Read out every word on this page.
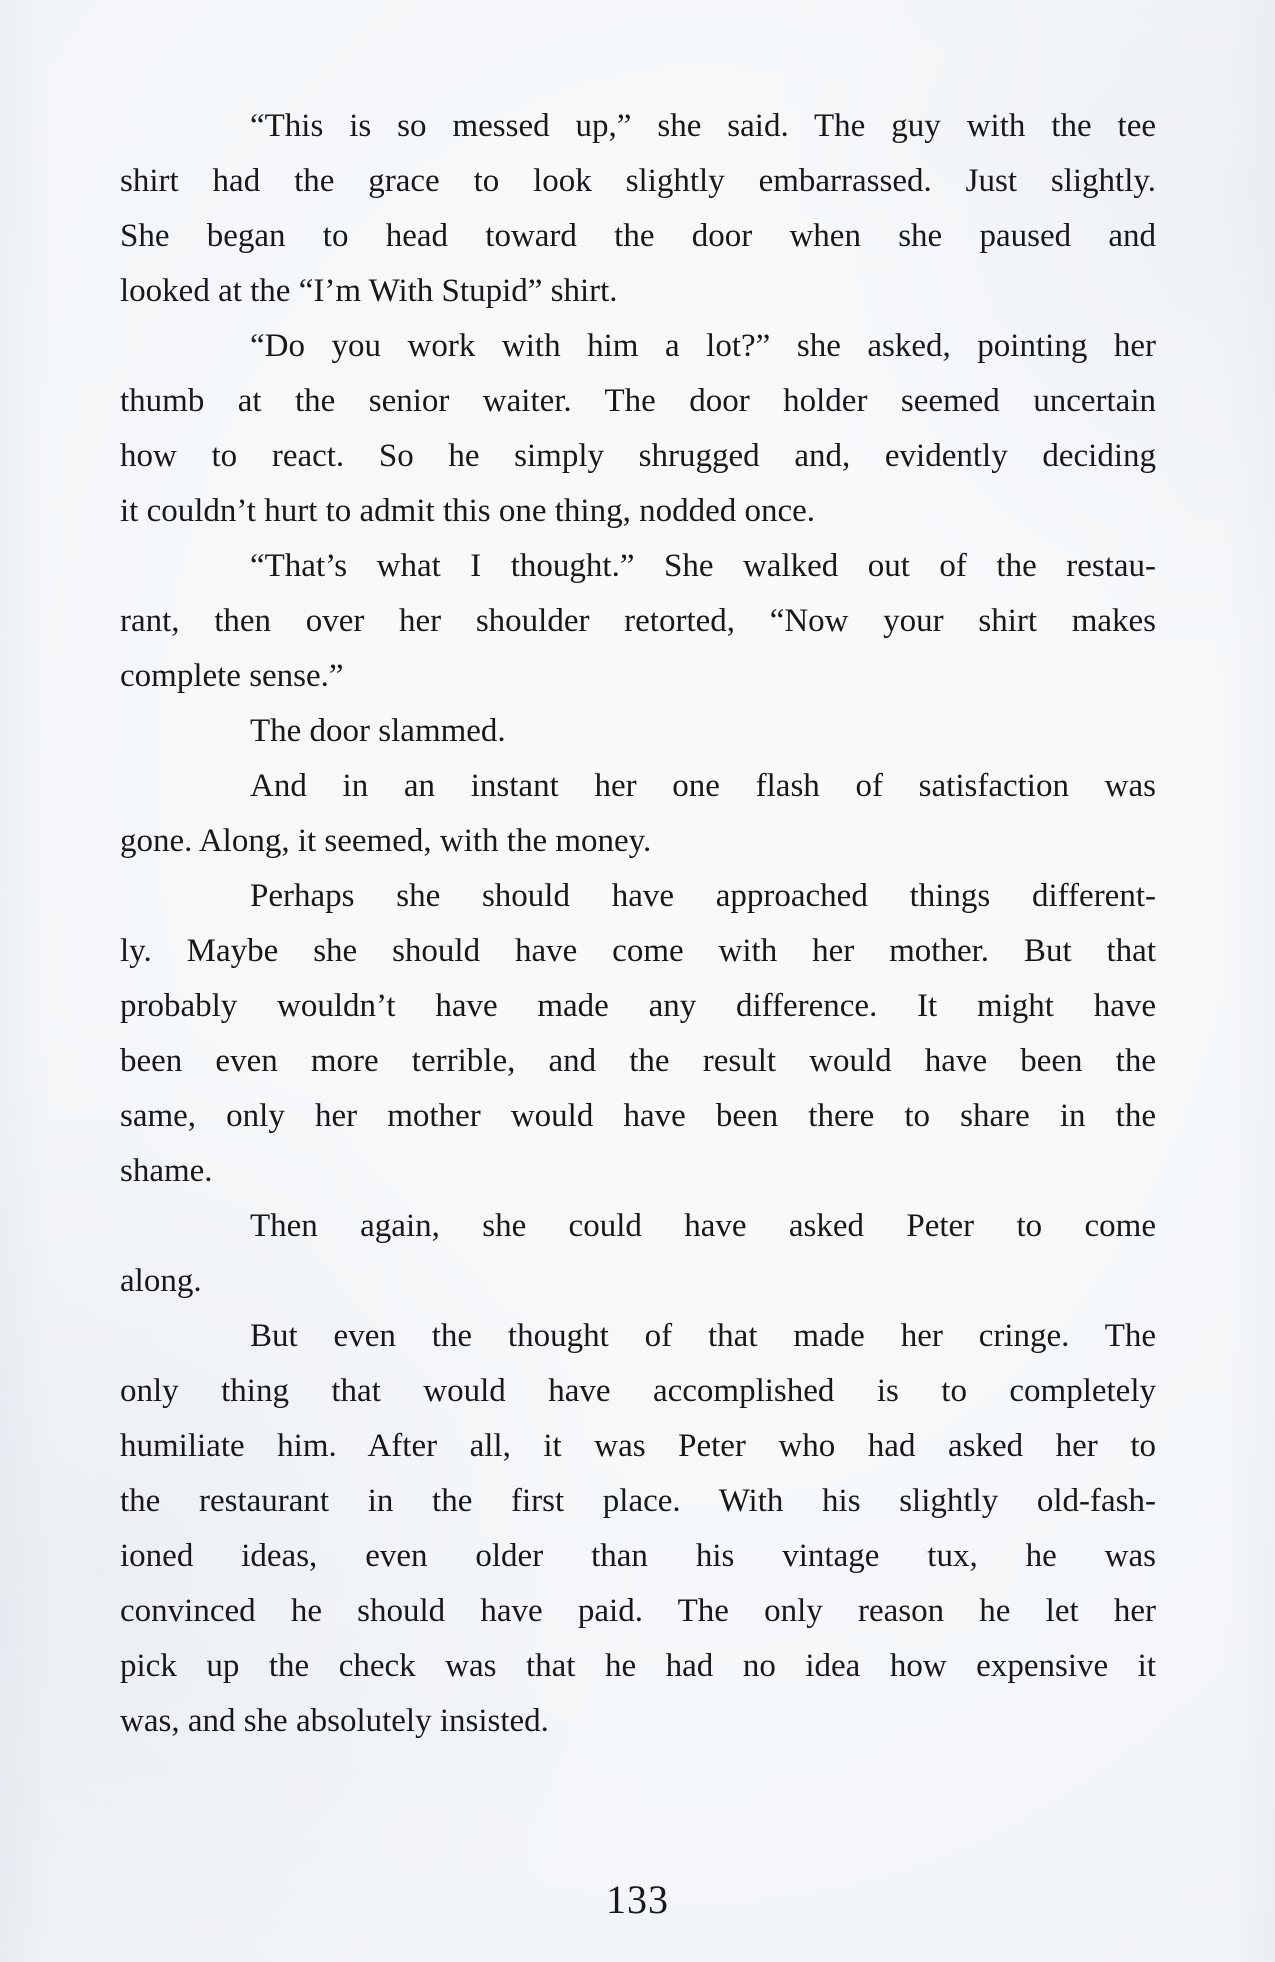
“This is so messed up,” she said. The guy with the tee
shirt had the grace to look slightly embarrassed. Just slightly.
She began to head toward the door when she paused and
looked at the “I’m With Stupid” shirt.
“Do you work with him a lot?” she asked, pointing her
thumb at the senior waiter. The door holder seemed uncertain
how to react. So he simply shrugged and, evidently deciding
it couldn’t hurt to admit this one thing, nodded once.
“That’s what I thought.” She walked out of the restau-
rant, then over her shoulder retorted, “Now your shirt makes
complete sense.”
The door slammed.
And in an instant her one flash of satisfaction was
gone. Along, it seemed, with the money.
Perhaps she should have approached things different-
ly. Maybe she should have come with her mother. But that
probably wouldn’t have made any difference. It might have
been even more terrible, and the result would have been the
same, only her mother would have been there to share in the
shame.
Then again, she could have asked Peter to come
along.
But even the thought of that made her cringe. The
only thing that would have accomplished is to completely
humiliate him. After all, it was Peter who had asked her to
the restaurant in the first place. With his slightly old-fash-
ioned ideas, even older than his vintage tux, he was
convinced he should have paid. The only reason he let her
pick up the check was that he had no idea how expensive it
was, and she absolutely insisted.
133
